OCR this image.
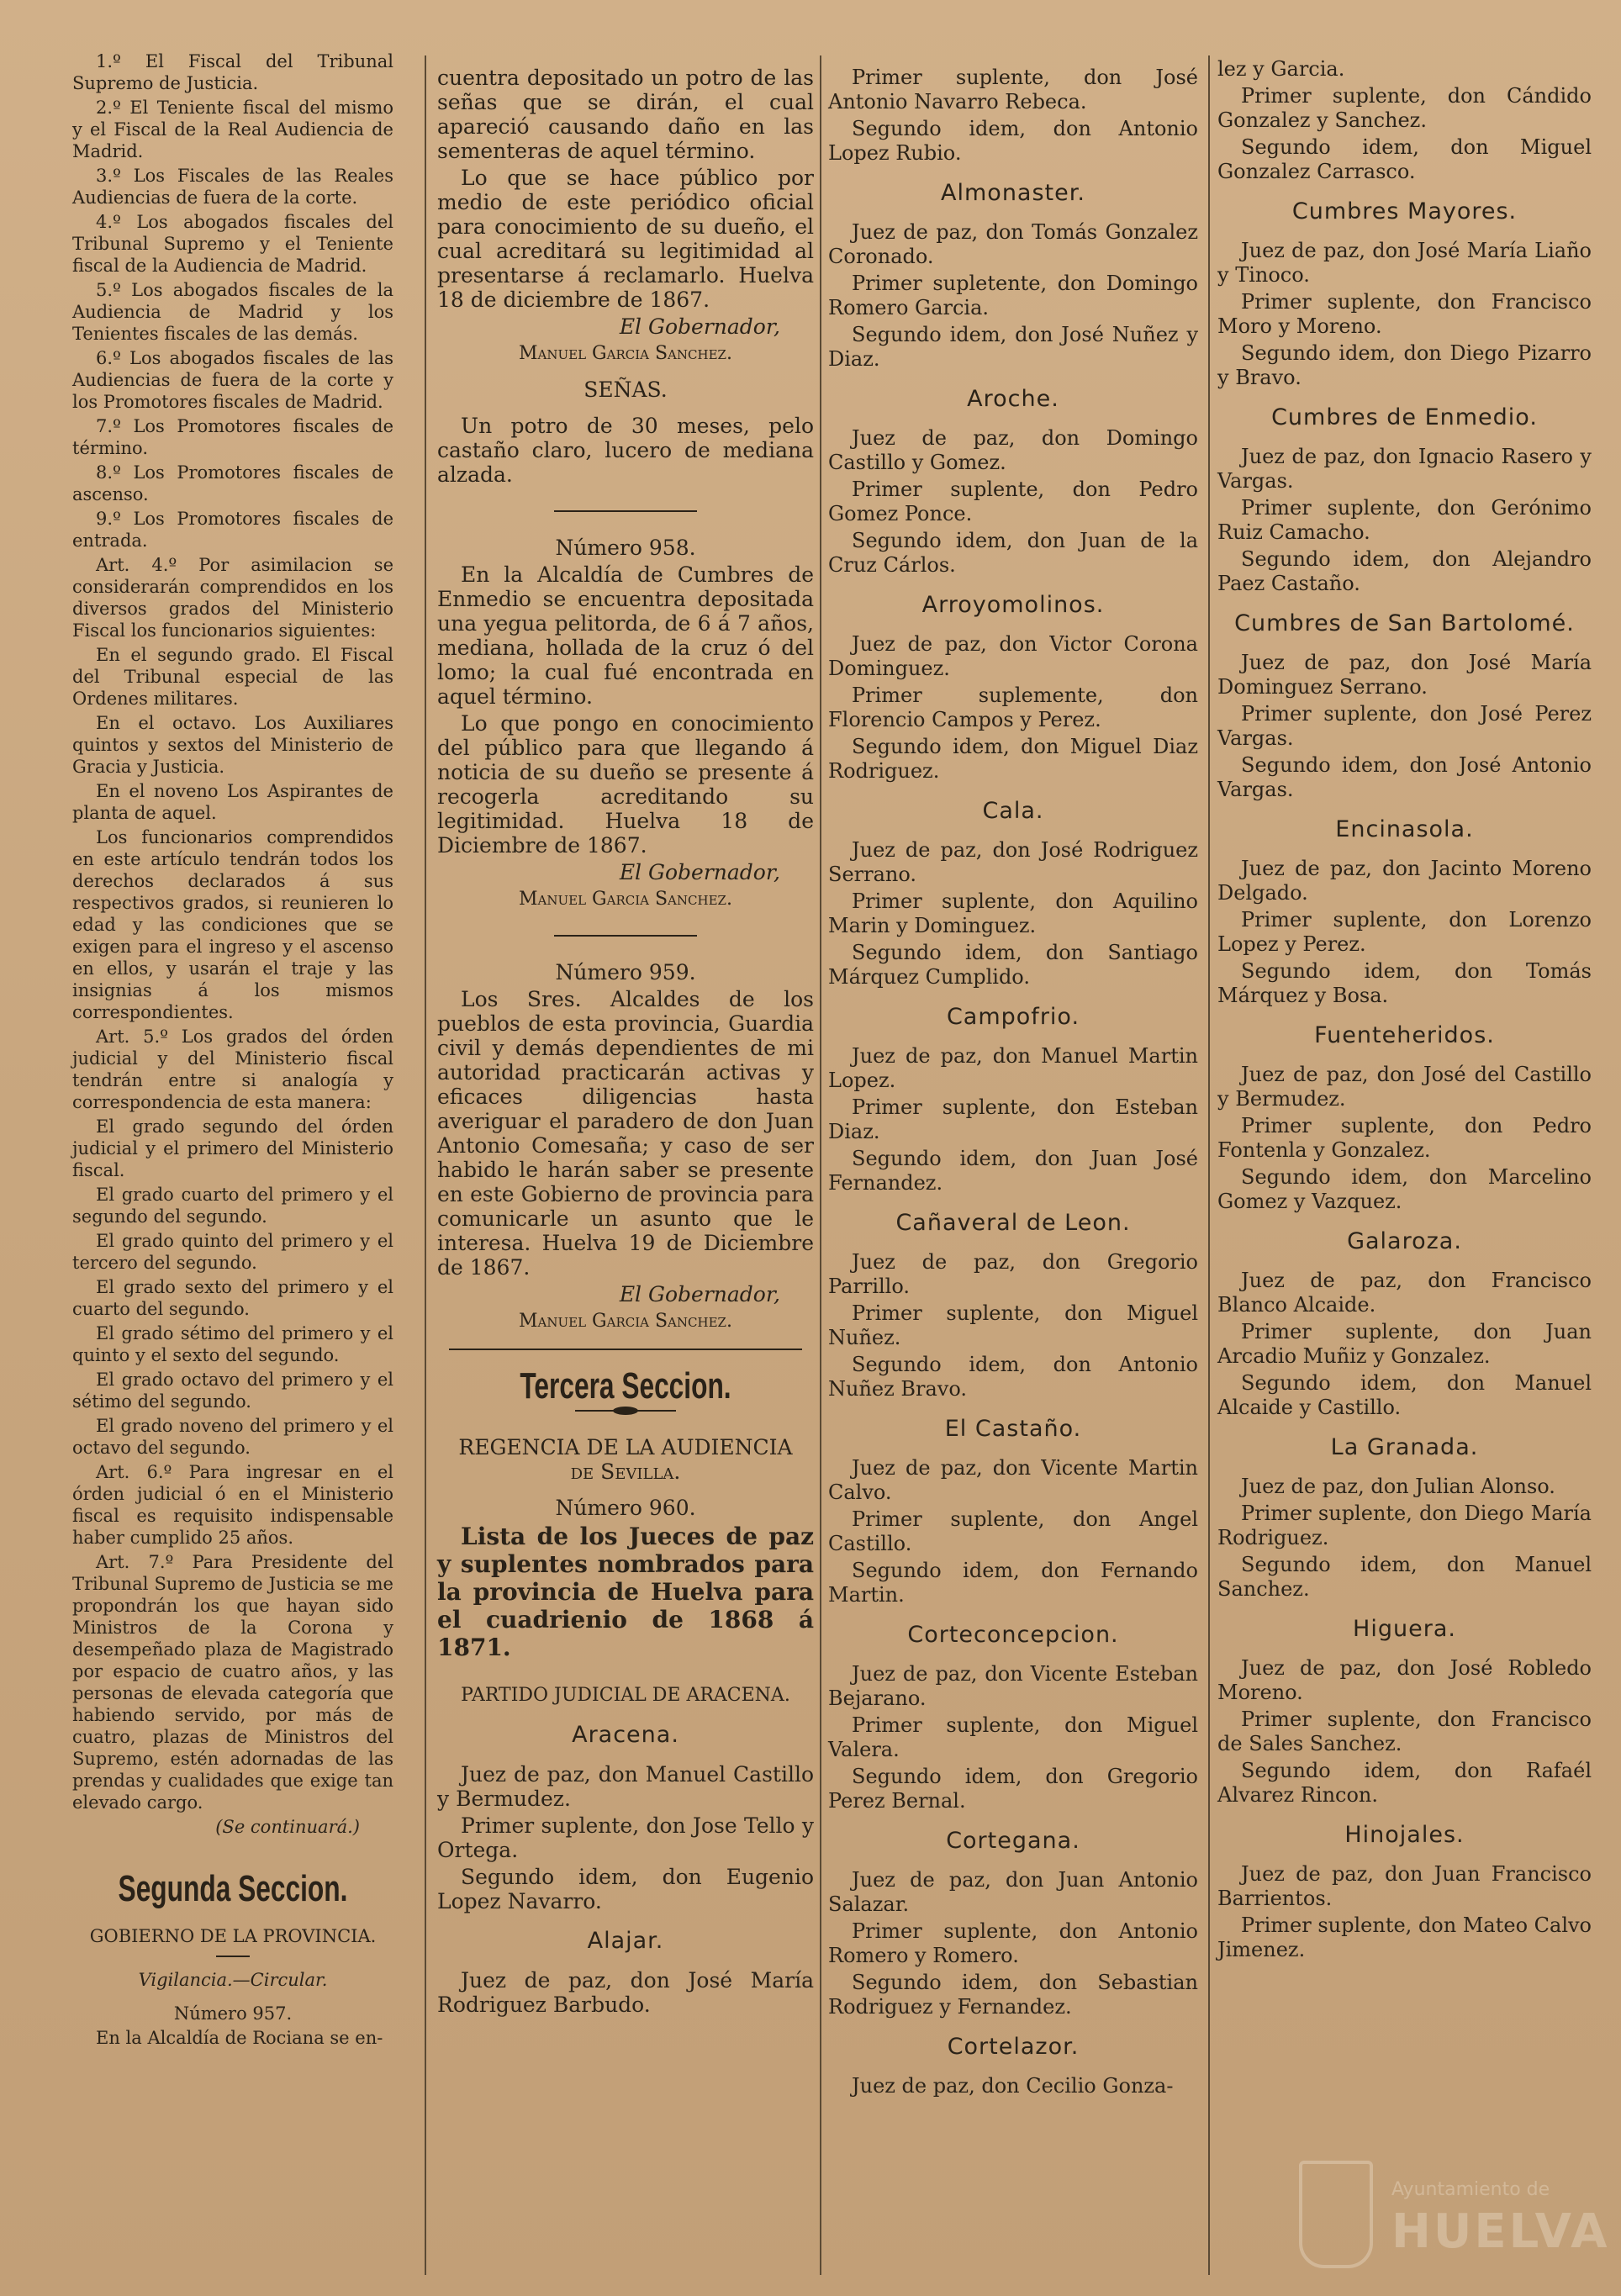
1.º El Fiscal del Tribunal Supremo de Justicia.

2.º El Teniente fiscal del mismo y el Fiscal de la Real Audiencia de Madrid.

3.º Los Fiscales de las Reales Audiencias de fuera de la corte.

4.º Los abogados fiscales del Tribunal Supremo y el Teniente fiscal de la Audiencia de Madrid.

5.º Los abogados fiscales de la Audiencia de Madrid y los Tenientes fiscales de las demás.

6.º Los abogados fiscales de las Audiencias de fuera de la corte y los Promotores fiscales de Madrid.

7.º Los Promotores fiscales de término.

8.º Los Promotores fiscales de ascenso.

9.º Los Promotores fiscales de entrada.

Art. 4.º Por asimilacion se considerarán comprendidos en los diversos grados del Ministerio Fiscal los funcionarios siguientes:

En el segundo grado. El Fiscal del Tribunal especial de las Ordenes militares.

En el octavo. Los Auxiliares quintos y sextos del Ministerio de Gracia y Justicia.

En el noveno Los Aspirantes de planta de aquel.

Los funcionarios comprendidos en este artículo tendrán todos los derechos declarados á sus respectivos grados, si reunieren lo edad y las condiciones que se exigen para el ingreso y el ascenso en ellos, y usarán el traje y las insignias á los mismos correspondientes.

Art. 5.º Los grados del órden judicial y del Ministerio fiscal tendrán entre si analogía y correspondencia de esta manera:

El grado segundo del órden judicial y el primero del Ministerio fiscal.

El grado cuarto del primero y el segundo del segundo.

El grado quinto del primero y el tercero del segundo.

El grado sexto del primero y el cuarto del segundo.

El grado sétimo del primero y el quinto y el sexto del segundo.

El grado octavo del primero y el sétimo del segundo.

El grado noveno del primero y el octavo del segundo.

Art. 6.º Para ingresar en el órden judicial ó en el Ministerio fiscal es requisito indispensable haber cumplido 25 años.

Art. 7.º Para Presidente del Tribunal Supremo de Justicia se me propondrán los que hayan sido Ministros de la Corona y desempeñado plaza de Magistrado por espacio de cuatro años, y las personas de elevada categoría que habiendo servido, por más de cuatro, plazas de Ministros del Supremo, estén adornadas de las prendas y cualidades que exige tan elevado cargo.

(Se continuará.)

Segunda Seccion.

GOBIERNO DE LA PROVINCIA.

Vigilancia.—Circular.

Número 957.

En la Alcaldía de Rociana se en-

cuentra depositado un potro de las señas que se dirán, el cual apareció causando daño en las sementeras de aquel término.

Lo que se hace público por medio de este periódico oficial para conocimiento de su dueño, el cual acreditará su legitimidad al presentarse á reclamarlo. Huelva 18 de diciembre de 1867.

El Gobernador,

Manuel Garcia Sanchez.

SEÑAS.

Un potro de 30 meses, pelo castaño claro, lucero de mediana alzada.

Número 958.

En la Alcaldía de Cumbres de Enmedio se encuentra depositada una yegua pelitorda, de 6 á 7 años, mediana, hollada de la cruz ó del lomo; la cual fué encontrada en aquel término.

Lo que pongo en conocimiento del público para que llegando á noticia de su dueño se presente á recogerla acreditando su legitimidad. Huelva 18 de Diciembre de 1867.

El Gobernador,

Manuel Garcia Sanchez.

Número 959.

Los Sres. Alcaldes de los pueblos de esta provincia, Guardia civil y demás dependientes de mi autoridad practicarán activas y eficaces diligencias hasta averiguar el paradero de don Juan Antonio Comesaña; y caso de ser habido le harán saber se presente en este Gobierno de provincia para comunicarle un asunto que le interesa. Huelva 19 de Diciembre de 1867.

El Gobernador,

Manuel Garcia Sanchez.

Tercera Seccion.

REGENCIA DE LA AUDIENCIA

de Sevilla.

Número 960.

Lista de los Jueces de paz y suplentes nombrados para la provincia de Huelva para el cuadrienio de 1868 á 1871.

PARTIDO JUDICIAL DE ARACENA.

Aracena.

Juez de paz, don Manuel Castillo y Bermudez.

Primer suplente, don Jose Tello y Ortega.

Segundo idem, don Eugenio Lopez Navarro.

Alajar.

Juez de paz, don José María Rodriguez Barbudo.

Primer suplente, don José Antonio Navarro Rebeca.

Segundo idem, don Antonio Lopez Rubio.

Almonaster.

Juez de paz, don Tomás Gonzalez Coronado.

Primer supletente, don Domingo Romero Garcia.

Segundo idem, don José Nuñez y Diaz.

Aroche.

Juez de paz, don Domingo Castillo y Gomez.

Primer suplente, don Pedro Gomez Ponce.

Segundo idem, don Juan de la Cruz Cárlos.

Arroyomolinos.

Juez de paz, don Victor Corona Dominguez.

Primer suplemente, don Florencio Campos y Perez.

Segundo idem, don Miguel Diaz Rodriguez.

Cala.

Juez de paz, don José Rodriguez Serrano.

Primer suplente, don Aquilino Marin y Dominguez.

Segundo idem, don Santiago Márquez Cumplido.

Campofrio.

Juez de paz, don Manuel Martin Lopez.

Primer suplente, don Esteban Diaz.

Segundo idem, don Juan José Fernandez.

Cañaveral de Leon.

Juez de paz, don Gregorio Parrillo.

Primer suplente, don Miguel Nuñez.

Segundo idem, don Antonio Nuñez Bravo.

El Castaño.

Juez de paz, don Vicente Martin Calvo.

Primer suplente, don Angel Castillo.

Segundo idem, don Fernando Martin.

Corteconcepcion.

Juez de paz, don Vicente Esteban Bejarano.

Primer suplente, don Miguel Valera.

Segundo idem, don Gregorio Perez Bernal.

Cortegana.

Juez de paz, don Juan Antonio Salazar.

Primer suplente, don Antonio Romero y Romero.

Segundo idem, don Sebastian Rodriguez y Fernandez.

Cortelazor.

Juez de paz, don Cecilio Gonza-

lez y Garcia.

Primer suplente, don Cándido Gonzalez y Sanchez.

Segundo idem, don Miguel Gonzalez Carrasco.

Cumbres Mayores.

Juez de paz, don José María Liaño y Tinoco.

Primer suplente, don Francisco Moro y Moreno.

Segundo idem, don Diego Pizarro y Bravo.

Cumbres de Enmedio.

Juez de paz, don Ignacio Rasero y Vargas.

Primer suplente, don Gerónimo Ruiz Camacho.

Segundo idem, don Alejandro Paez Castaño.

Cumbres de San Bartolomé.

Juez de paz, don José María Dominguez Serrano.

Primer suplente, don José Perez Vargas.

Segundo idem, don José Antonio Vargas.

Encinasola.

Juez de paz, don Jacinto Moreno Delgado.

Primer suplente, don Lorenzo Lopez y Perez.

Segundo idem, don Tomás Márquez y Bosa.

Fuenteheridos.

Juez de paz, don José del Castillo y Bermudez.

Primer suplente, don Pedro Fontenla y Gonzalez.

Segundo idem, don Marcelino Gomez y Vazquez.

Galaroza.

Juez de paz, don Francisco Blanco Alcaide.

Primer suplente, don Juan Arcadio Muñiz y Gonzalez.

Segundo idem, don Manuel Alcaide y Castillo.

La Granada.

Juez de paz, don Julian Alonso.

Primer suplente, don Diego María Rodriguez.

Segundo idem, don Manuel Sanchez.

Higuera.

Juez de paz, don José Robledo Moreno.

Primer suplente, don Francisco de Sales Sanchez.

Segundo idem, don Rafaél Alvarez Rincon.

Hinojales.

Juez de paz, don Juan Francisco Barrientos.

Primer suplente, don Mateo Calvo Jimenez.

Ayuntamiento de
HUELVA
